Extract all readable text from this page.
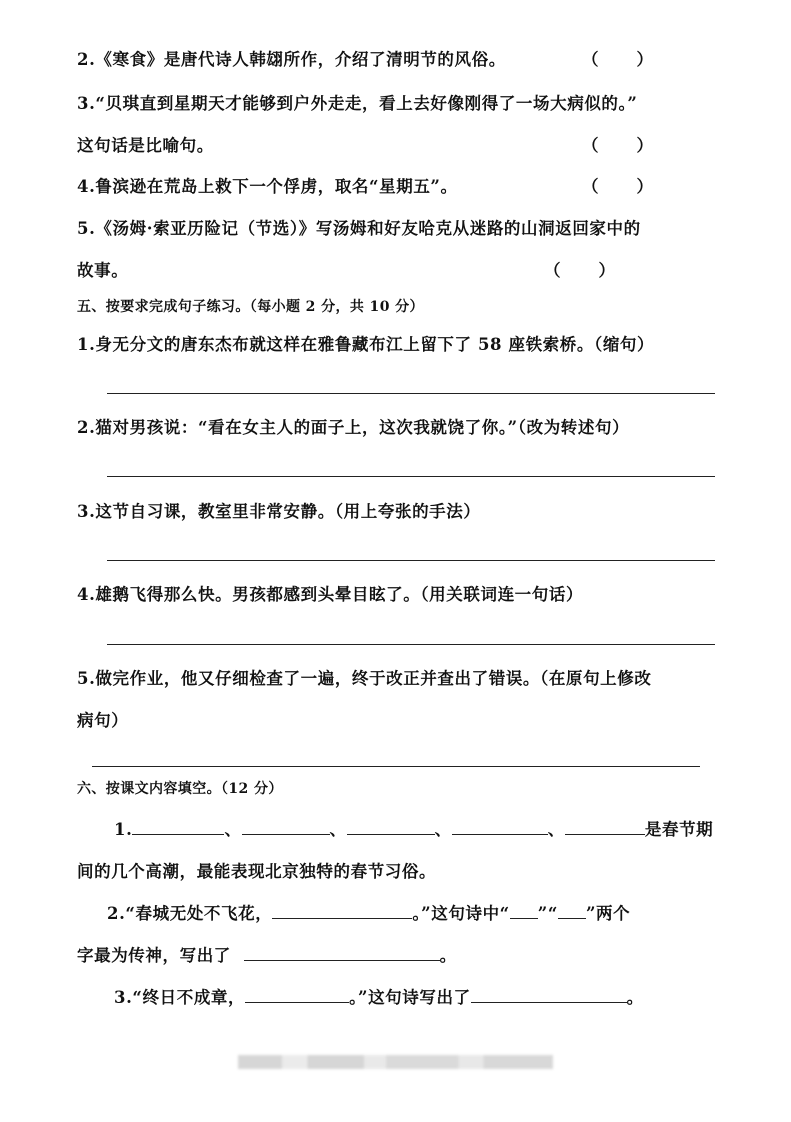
2.《寒食》是唐代诗人韩翃所作，介绍了清明节的风俗。	（）
3.“贝琪直到星期天才能够到户外走走，看上去好像刚得了一场大病似的。”
这句话是比喻句。	（）
4.鲁滨逊在荒岛上救下一个俘虏，取名“星期五”。	（）
5.《汤姆·索亚历险记（节选）》写汤姆和好友哈克从迷路的山洞返回家中的
故事。	（）
五、按要求完成句子练习。（每小题 2 分，共 10 分）
1.身无分文的唐东杰布就这样在雅鲁藏布江上留下了 58 座铁索桥。（缩句）
2.猫对男孩说：“看在女主人的面子上，这次我就饶了你。”（改为转述句）
3.这节自习课，教室里非常安静。（用上夸张的手法）
4.雄鹅飞得那么快。男孩都感到头晕目眩了。（用关联词连一句话）
5.做完作业，他又仔细检查了一遍，终于改正并查出了错误。（在原句上修改
病句）
六、按课文内容填空。（12 分）
1.	、	、	、	、	是春节期
间的几个高潮，最能表现北京独特的春节习俗。
2.“春城无处不飞花，	。”这句诗中“ ”“ ”两个
字最为传神，写出了	。
3.“终日不成章，	。”这句诗写出了	。
